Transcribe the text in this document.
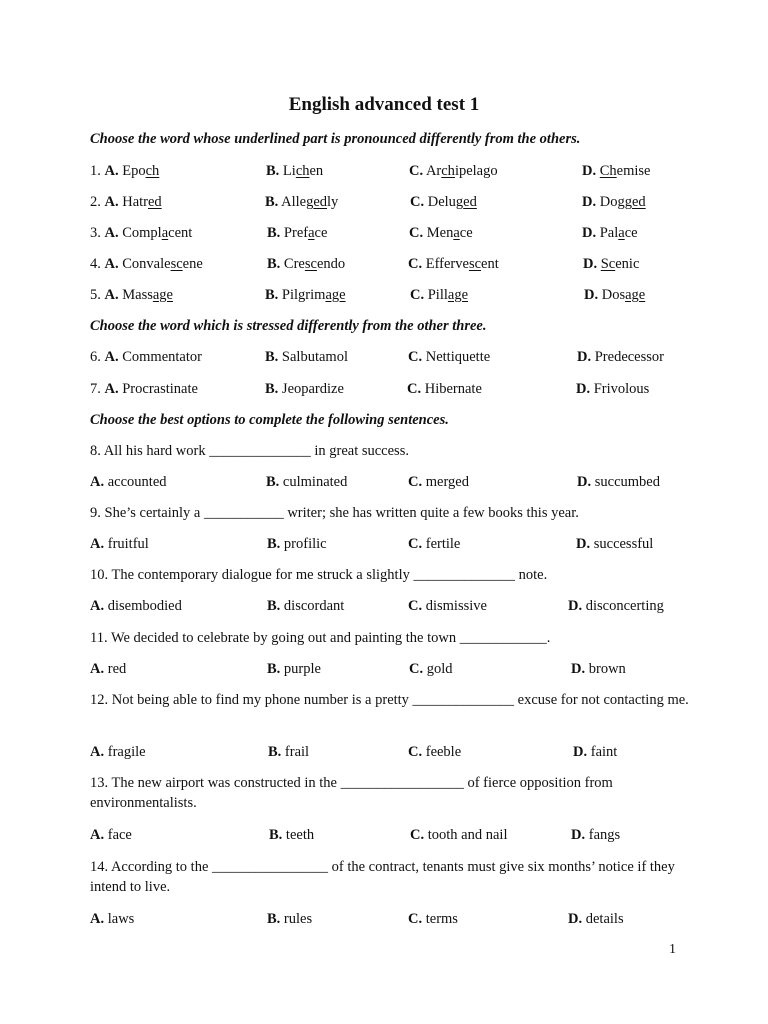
English advanced test 1
Choose the word whose underlined part is pronounced differently from the others.
1. A. Epoch	B. Lichen	C. Archipelago	D. Chemise
2. A. Hatred	B. Allegedly	C. Deluged	D. Dogged
3. A. Complacent	B. Preface	C. Menace	D. Palace
4. A. Convalescene	B. Crescendo	C. Effervescent	D. Scenic
5. A. Massage	B. Pilgrimage	C. Pillage	D. Dosage
Choose the word which is stressed differently from the other three.
6. A. Commentator	B. Salbutamol	C. Nettiquette	D. Predecessor
7. A. Procrastinate	B. Jeopardize	C. Hibernate	D. Frivolous
Choose the best options to complete the following sentences.
8. All his hard work ______________ in great success.
A. accounted	B. culminated	C. merged	D. succumbed
9. She’s certainly a ___________ writer; she has written quite a few books this year.
A. fruitful	B. profilic	C. fertile	D. successful
10. The contemporary dialogue for me struck a slightly ______________ note.
A. disembodied	B. discordant	C. dismissive	D. disconcerting
11. We decided to celebrate by going out and painting the town ____________.
A. red	B. purple	C. gold	D. brown
12. Not being able to find my phone number is a pretty ______________ excuse for not contacting me.
A. fragile	B. frail	C. feeble	D. faint
13. The new airport was constructed in the _________________ of fierce opposition from environmentalists.
A. face	B. teeth	C. tooth and nail	D. fangs
14. According to the ________________ of the contract, tenants must give six months’ notice if they intend to live.
A. laws	B. rules	C. terms	D. details
1
